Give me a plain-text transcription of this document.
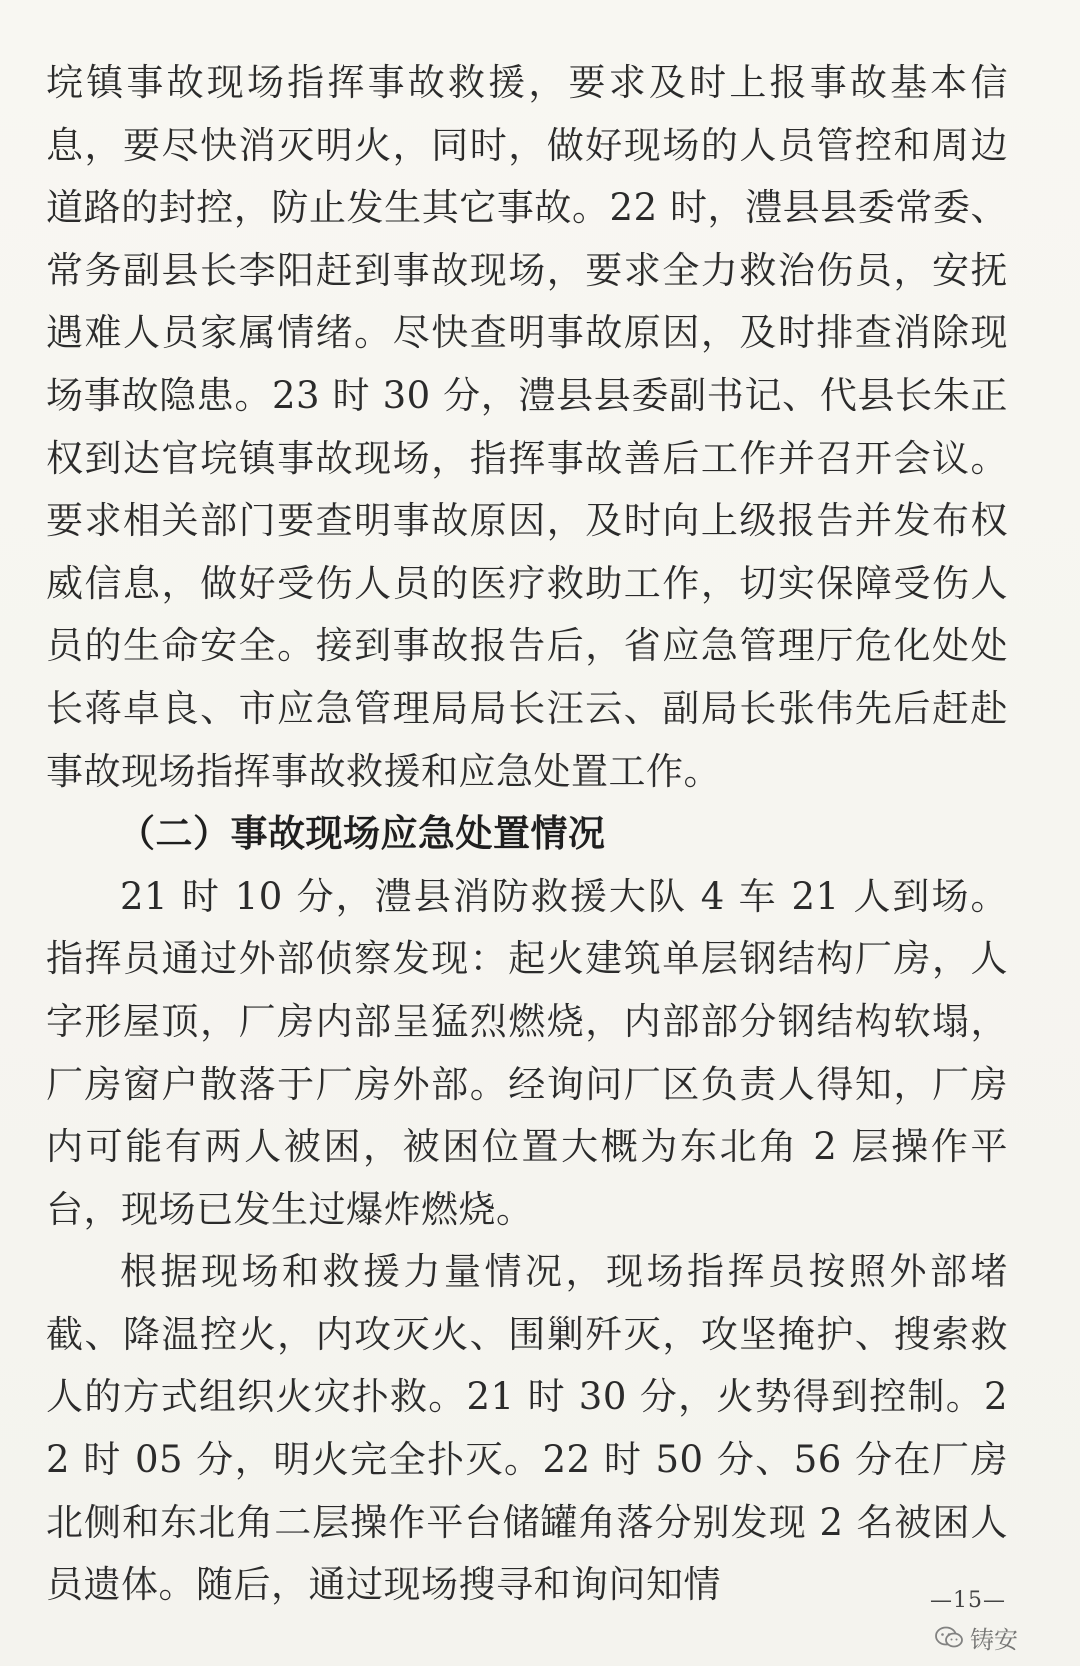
垸镇事故现场指挥事故救援，要求及时上报事故基本信息，要尽快消灭明火，同时，做好现场的人员管控和周边道路的封控，防止发生其它事故。22 时，澧县县委常委、常务副县长李阳赶到事故现场，要求全力救治伤员，安抚遇难人员家属情绪。尽快查明事故原因，及时排查消除现场事故隐患。23 时 30 分，澧县县委副书记、代县长朱正权到达官垸镇事故现场，指挥事故善后工作并召开会议。要求相关部门要查明事故原因，及时向上级报告并发布权威信息，做好受伤人员的医疗救助工作，切实保障受伤人员的生命安全。接到事故报告后，省应急管理厅危化处处长蒋卓良、市应急管理局局长汪云、副局长张伟先后赶赴事故现场指挥事故救援和应急处置工作。

（二）事故现场应急处置情况

21 时 10 分，澧县消防救援大队 4 车 21 人到场。指挥员通过外部侦察发现：起火建筑单层钢结构厂房，人字形屋顶，厂房内部呈猛烈燃烧，内部部分钢结构软塌，厂房窗户散落于厂房外部。经询问厂区负责人得知，厂房内可能有两人被困，被困位置大概为东北角 2 层操作平台，现场已发生过爆炸燃烧。

根据现场和救援力量情况，现场指挥员按照外部堵截、降温控火，内攻灭火、围剿歼灭，攻坚掩护、搜索救人的方式组织火灾扑救。21 时 30 分，火势得到控制。22 时 05 分，明火完全扑灭。22 时 50 分、56 分在厂房北侧和东北角二层操作平台储罐角落分别发现 2 名被困人员遗体。随后，通过现场搜寻和询问知情	—15—
铸安
